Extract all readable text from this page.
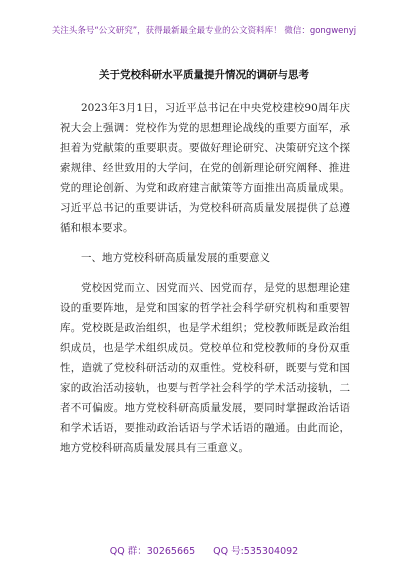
关注头条号“公文研究”，获得最新最全最专业的公文资料库！ 微信：gongwenyj
关于党校科研水平质量提升情况的调研与思考

2023年3月1日，习近平总书记在中央党校建校90周年庆祝大会上强调：党校作为党的思想理论战线的重要方面军，承担着为党献策的重要职责。要做好理论研究、决策研究这个探索规律、经世致用的大学问，在党的创新理论研究阐释、推进党的理论创新、为党和政府建言献策等方面推出高质量成果。习近平总书记的重要讲话，为党校科研高质量发展提供了总遵循和根本要求。

一、地方党校科研高质量发展的重要意义

党校因党而立、因党而兴、因党而存，是党的思想理论建设的重要阵地，是党和国家的哲学社会科学研究机构和重要智库。党校既是政治组织，也是学术组织；党校教师既是政治组织成员，也是学术组织成员。党校单位和党校教师的身份双重性，造就了党校科研活动的双重性。党校科研，既要与党和国家的政治活动接轨，也要与哲学社会科学的学术活动接轨，二者不可偏废。地方党校科研高质量发展，要同时掌握政治话语和学术话语，要推动政治话语与学术话语的融通。由此而论，地方党校科研高质量发展具有三重意义。

QQ 群：30265665 QQ 号:535304092
